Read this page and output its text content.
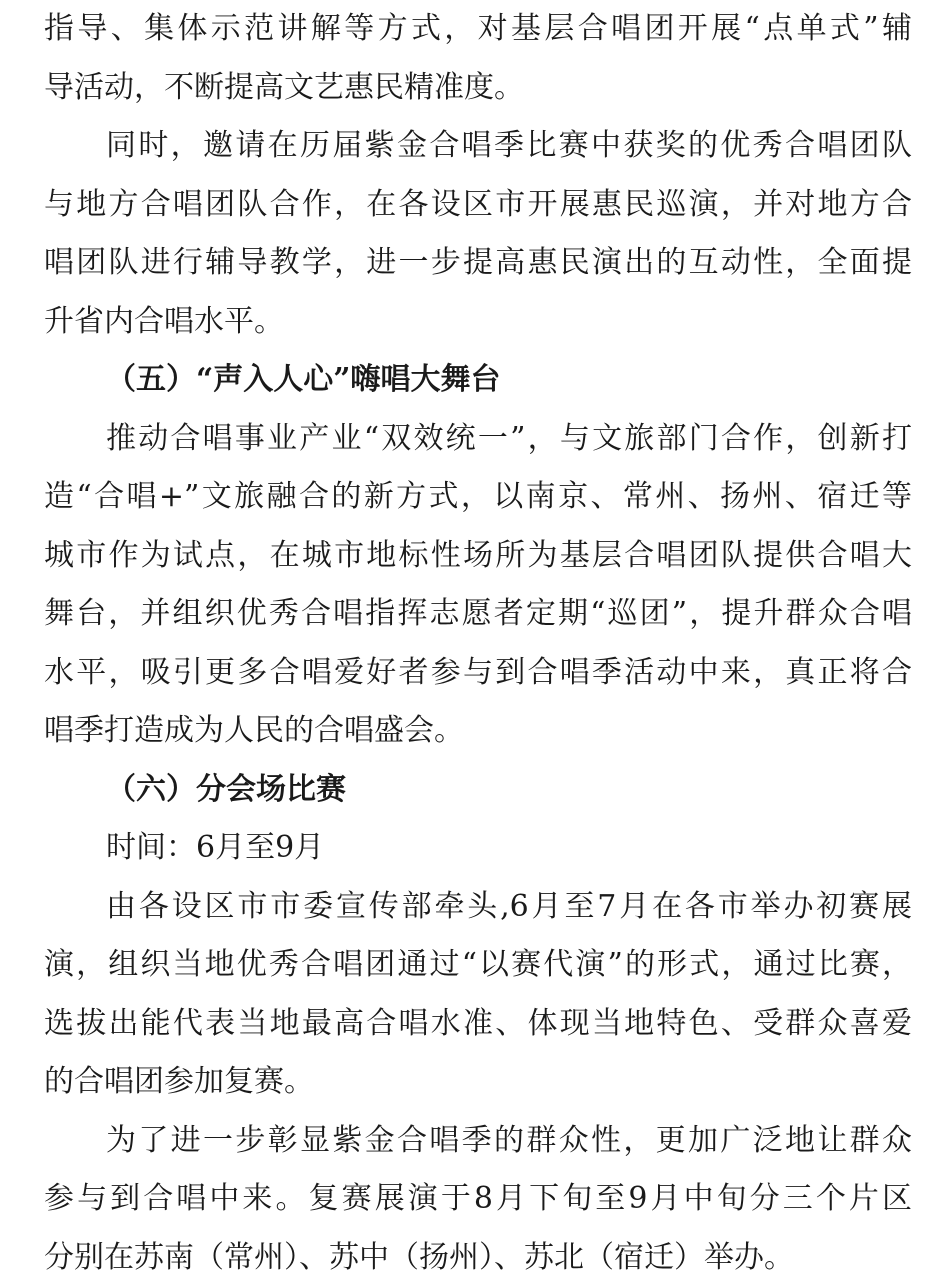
指导、集体示范讲解等方式，对基层合唱团开展“点单式”辅
导活动，不断提高文艺惠民精准度。
同时，邀请在历届紫金合唱季比赛中获奖的优秀合唱团队
与地方合唱团队合作，在各设区市开展惠民巡演，并对地方合
唱团队进行辅导教学，进一步提高惠民演出的互动性，全面提
升省内合唱水平。
（五）“声入人心”嗨唱大舞台
推动合唱事业产业“双效统一”，与文旅部门合作，创新打
造“合唱+”文旅融合的新方式，以南京、常州、扬州、宿迁等
城市作为试点，在城市地标性场所为基层合唱团队提供合唱大
舞台，并组织优秀合唱指挥志愿者定期“巡团”，提升群众合唱
水平，吸引更多合唱爱好者参与到合唱季活动中来，真正将合
唱季打造成为人民的合唱盛会。
（六）分会场比赛
时间：6月至9月
由各设区市市委宣传部牵头,6月至7月在各市举办初赛展
演，组织当地优秀合唱团通过“以赛代演”的形式，通过比赛，
选拔出能代表当地最高合唱水准、体现当地特色、受群众喜爱
的合唱团参加复赛。
为了进一步彰显紫金合唱季的群众性，更加广泛地让群众
参与到合唱中来。复赛展演于8月下旬至9月中旬分三个片区
分别在苏南（常州）、苏中（扬州）、苏北（宿迁）举办。
